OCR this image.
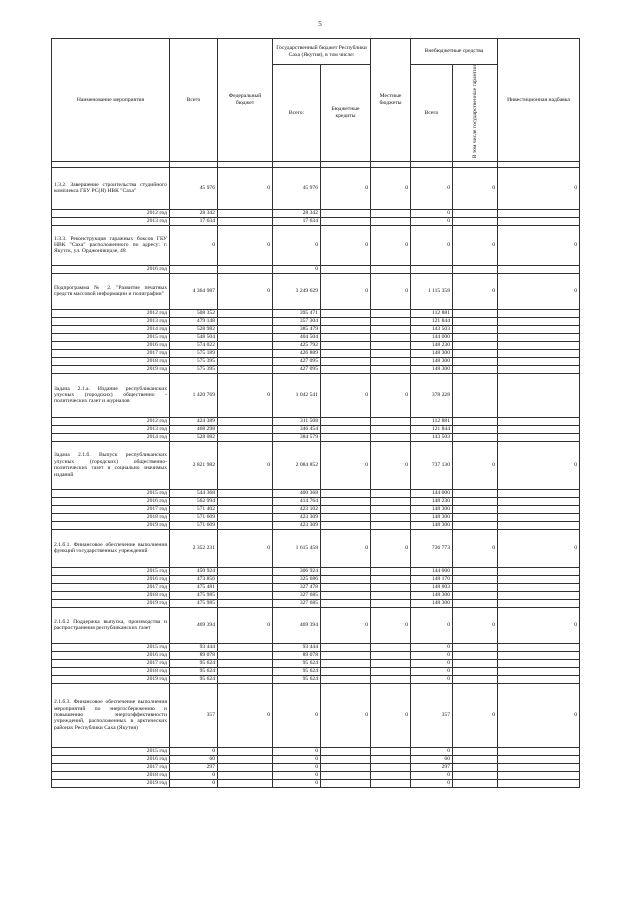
5
Наименование мероприятия	Всего	Федеральный бюджет	Государственный бюджет Республики Саха (Якутия), в том числе:		Местные бюджеты	Внебюджетные средства		Инвестиционная надбавка
			Всего:	Бюджетные кредиты		Всего	В том числе государственные гарантии	

1.3.2. Завершение строительства студийного комплекса ГБУ РС(Я) НВК "Саха"	45 976	0	45 976	0	0	0	0	0
2012 год	28 342		28 342			0		
2013 год	17 634		17 634			0		
1.3.3. Реконструкция гаражных боксов ГБУ НВК "Саха" расположенного по адресу: г. Якутск, ул. Орджоникидзе, 48	0	0	0	0	0	0	0	0
2016 год			0					
Подпрограмма № 2. "Развитие печатных средств массовой информации и полиграфии"	4 364 987	0	3 249 629	0	0	1 115 358	0	0
2012 год	508 352		395 471			112 881		
2013 год	479 148		357 304			121 844		
2014 год	528 982		385 479			143 503		
2015 год	548 504		404 504			144 000		
2016 год	574 022		425 792			148 230		
2017 год	575 189		426 889			148 300		
2018 год	575 395		427 095			148 300		
2019 год	575 395		427 095			148 300		
Задача 2.1.а. Издание республиканских улусных (городских) общественно - политических газет и журналов	1 420 769	0	1 042 541	0	0	378 228		
2012 год	424 389		311 508			112 881		
2013 год	468 298		346 454			121 844		
2014 год	528 082		384 579			143 503		
Задача 2.1.б. Выпуск республиканских улусных (городских) общественно-политических газет и социально значимых изданий	2 821 982	0	2 084 852	0	0	737 130	0	0
2015 год	544 368		400 368			144 000		
2016 год	562 994		414 764			148 230		
2017 год	571 402		423 102			148 300		
2018 год	571 609		423 309			148 300		
2019 год	571 609		423 309			148 300		
2.1.б.1. Финансовое обеспечение выполнения функций государственных учреждений	2 352 231	0	1 615 458	0	0	736 773	0	0
2015 год	450 924		306 924			144 000		
2016 год	473 856		325 686			148 170		
2017 год	475 481		327 478			148 003		
2018 год	475 985		327 685			148 300		
2019 год	475 985		327 685			148 300		
2.1.б.2 Поддержка выпуска, производства и распространения республиканских газет	469 394	0	469 394	0	0	0	0	0
2015 год	93 444		93 444			0		
2016 год	89 078		89 078			0		
2017 год	95 624		95 624			0		
2018 год	95 624		95 624			0		
2019 год	95 624		95 624			0		
2.1.б.3. Финансовое обеспечение выполнения мероприятий по энергосбережению и повышению энергоэффективности учреждений, расположенных в арктических районах Республики Саха (Якутия)	357	0	0	0	0	357	0	0
2015 год	0		0			0		
2016 год	60		0			60		
2017 год	297		0			297		
2018 год	0		0			0		
2019 год	0		0			0		
